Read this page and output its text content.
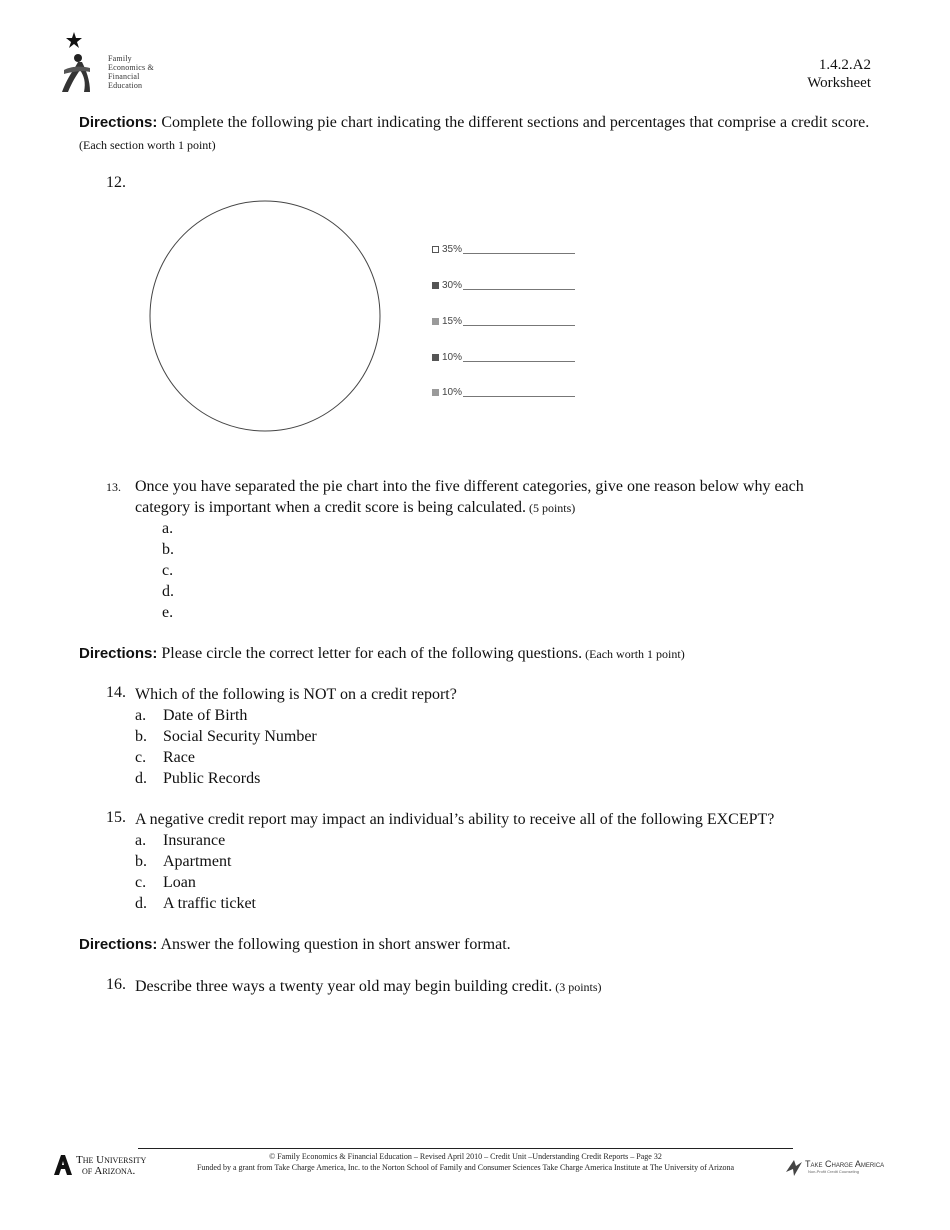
Family
Economics &
Financial
Education
1.4.2.A2
Worksheet
Directions: Complete the following pie chart indicating the different sections and percentages that comprise a credit score. (Each section worth 1 point)
12.
35%
30%
15%
10%
10%
13. Once you have separated the pie chart into the five different categories, give one reason below why each category is important when a credit score is being calculated. (5 points)
a.
b.
c.
d.
e.
Directions: Please circle the correct letter for each of the following questions. (Each worth 1 point)
14. Which of the following is NOT on a credit report?
a.	Date of Birth
b.	Social Security Number
c.	Race
d.	Public Records
15. A negative credit report may impact an individual’s ability to receive all of the following EXCEPT?
a.	Insurance
b.	Apartment
c.	Loan
d.	A traffic ticket
Directions: Answer the following question in short answer format.
16. Describe three ways a twenty year old may begin building credit. (3 points)
The University
of Arizona.
© Family Economics & Financial Education – Revised April 2010 – Credit Unit –Understanding Credit Reports – Page 32
Funded by a grant from Take Charge America, Inc. to the Norton School of Family and Consumer Sciences Take Charge America Institute at The University of Arizona	Take Charge America
Non-Profit Credit Counseling
